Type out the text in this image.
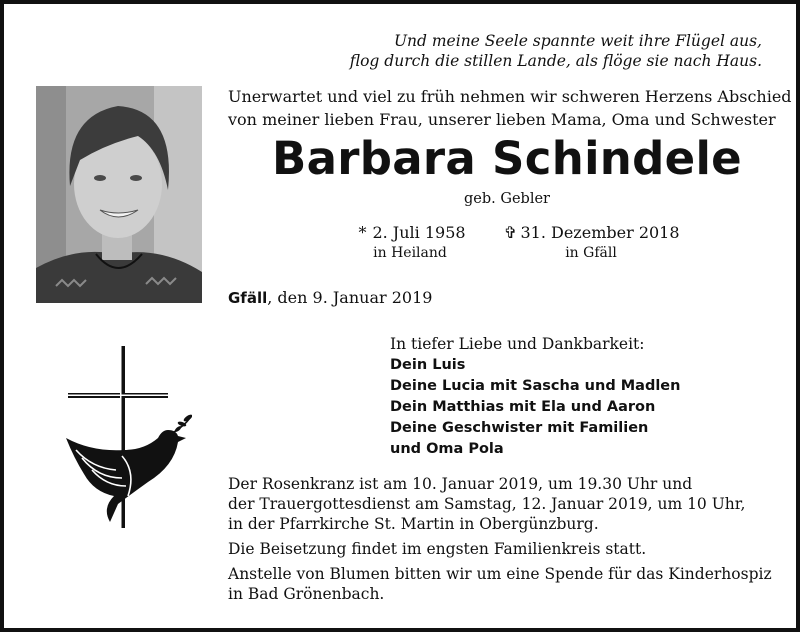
Und meine Seele spannte weit ihre Flügel aus,
flog durch die stillen Lande, als flöge sie nach Haus.
Unerwartet und viel zu früh nehmen wir schweren Herzens Abschied
von meiner lieben Frau, unserer lieben Mama, Oma und Schwester
Barbara Schindele
geb. Gebler
* 2. Juli 1958
in Heiland
✞ 31. Dezember 2018
in Gfäll
Gfäll, den 9. Januar 2019
In tiefer Liebe und Dankbarkeit:
Dein Luis
Deine Lucia mit Sascha und Madlen
Dein Matthias mit Ela und Aaron
Deine Geschwister mit Familien
und Oma Pola
Der Rosenkranz ist am 10. Januar 2019, um 19.30 Uhr und
der Trauergottesdienst am Samstag, 12. Januar 2019, um 10 Uhr,
in der Pfarrkirche St. Martin in Obergünzburg.
Die Beisetzung findet im engsten Familienkreis statt.
Anstelle von Blumen bitten wir um eine Spende für das Kinderhospiz
in Bad Grönenbach.
